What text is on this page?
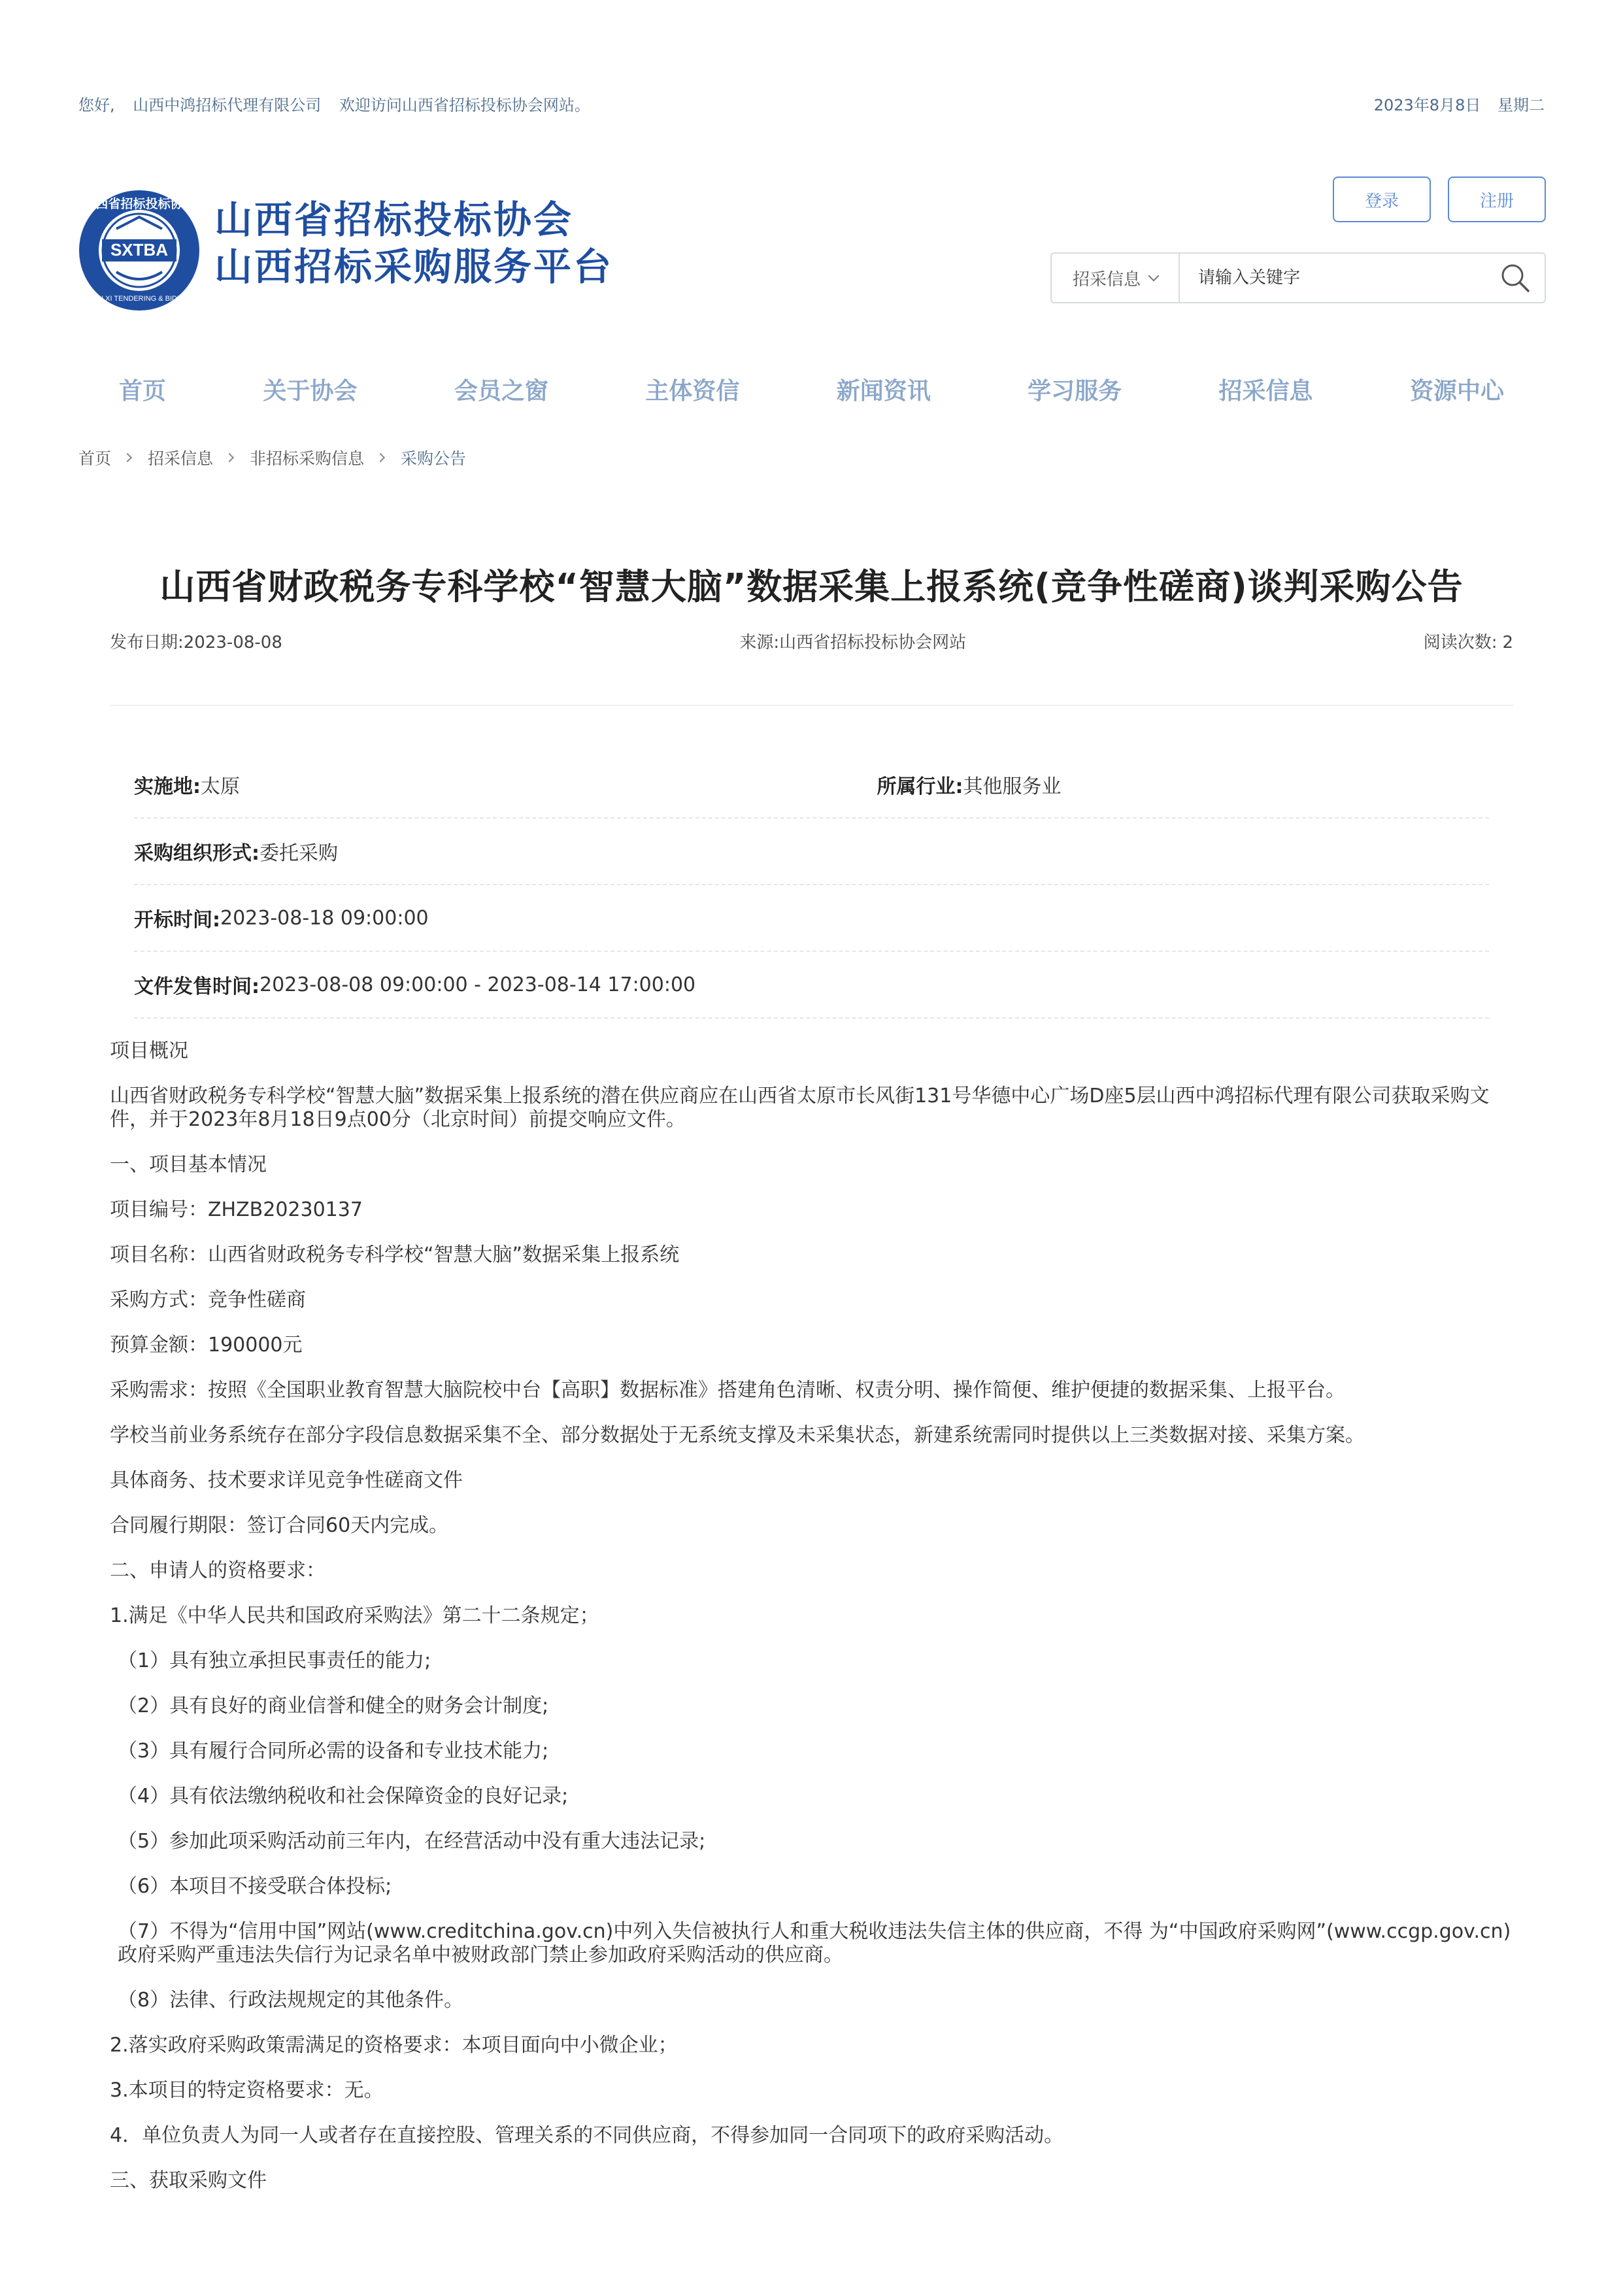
您好, 山西中鸿招标代理有限公司 欢迎访问山西省招标投标协会网站。	2023年8月8日 星期二
SXTBA
山西省招标投标协会
SHAN XI TENDERING & BIDDING
山西省招标投标协会
山西招标采购服务平台
登录	注册
招采信息
请输入关键字
首页	关于协会	会员之窗	主体资信	新闻资讯	学习服务	招采信息	资源中心
首页 招采信息 非招标采购信息 采购公告
山西省财政税务专科学校“智慧大脑”数据采集上报系统(竞争性磋商)谈判采购公告
发布日期:2023-08-08	来源:山西省招标投标协会网站	阅读次数: 2
实施地: 太原	所属行业: 其他服务业
采购组织形式: 委托采购
开标时间: 2023-08-18 09:00:00
文件发售时间: 2023-08-08 09:00:00 - 2023-08-14 17:00:00

项目概况

山西省财政税务专科学校“智慧大脑”数据采集上报系统的潜在供应商应在山西省太原市长风街131号华德中心广场D座5层山西中鸿招标代理有限公司获取采购文
件，并于2023年8月18日9点00分（北京时间）前提交响应文件。

一、项目基本情况

项目编号：ZHZB20230137

项目名称：山西省财政税务专科学校“智慧大脑”数据采集上报系统

采购方式：竞争性磋商

预算金额：190000元

采购需求：按照《全国职业教育智慧大脑院校中台【高职】数据标准》搭建角色清晰、权责分明、操作简便、维护便捷的数据采集、上报平台。

学校当前业务系统存在部分字段信息数据采集不全、部分数据处于无系统支撑及未采集状态，新建系统需同时提供以上三类数据对接、采集方案。

具体商务、技术要求详见竞争性磋商文件

合同履行期限：签订合同60天内完成。

二、申请人的资格要求：

1.满足《中华人民共和国政府采购法》第二十二条规定；

（1）具有独立承担民事责任的能力;

（2）具有良好的商业信誉和健全的财务会计制度;

（3）具有履行合同所必需的设备和专业技术能力;

（4）具有依法缴纳税收和社会保障资金的良好记录;

（5）参加此项采购活动前三年内，在经营活动中没有重大违法记录;

（6）本项目不接受联合体投标;

（7）不得为“信用中国”网站(www.creditchina.gov.cn)中列入失信被执行人和重大税收违法失信主体的供应商，不得 为“中国政府采购网”(www.ccgp.gov.cn)
政府采购严重违法失信行为记录名单中被财政部门禁止参加政府采购活动的供应商。

（8）法律、行政法规规定的其他条件。

2.落实政府采购政策需满足的资格要求：本项目面向中小微企业；

3.本项目的特定资格要求：无。

4．单位负责人为同一人或者存在直接控股、管理关系的不同供应商，不得参加同一合同项下的政府采购活动。

三、获取采购文件
